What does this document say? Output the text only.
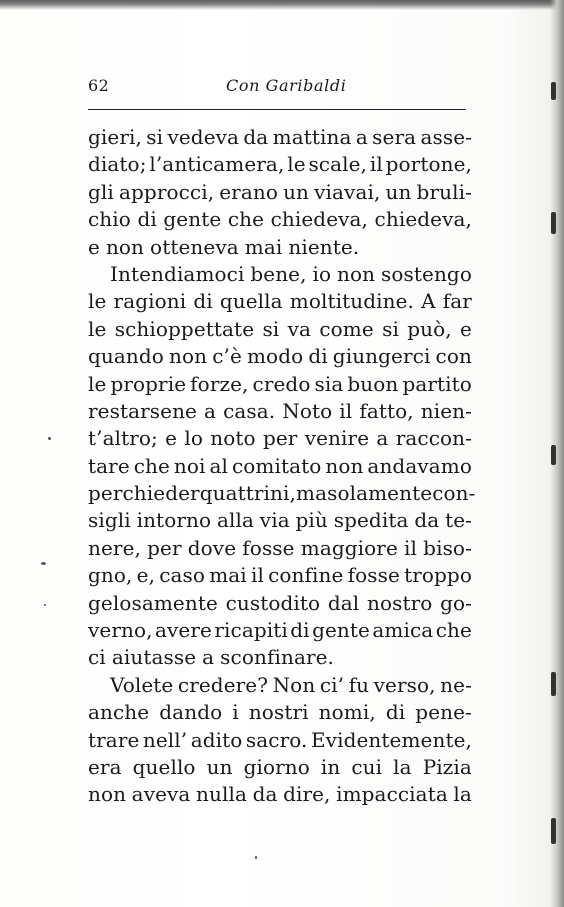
62	Con Garibaldi
gieri, si vedeva da mattina a sera asse-
diato; l’anticamera, le scale, il portone,
gli approcci, erano un viavai, un bruli-
chio di gente che chiedeva, chiedeva,
e non otteneva mai niente.
Intendiamoci bene, io non sostengo
le ragioni di quella moltitudine. A far
le schioppettate si va come si può, e
quando non c’è modo di giungerci con
le proprie forze, credo sia buon partito
restarsene a casa. Noto il fatto, nien-
t’altro; e lo noto per venire a raccon-
tare che noi al comitato non andavamo
per chieder quattrini, ma solamente con-
sigli intorno alla via più spedita da te-
nere, per dove fosse maggiore il biso-
gno, e, caso mai il confine fosse troppo
gelosamente custodito dal nostro go-
verno, avere ricapiti di gente amica che
ci aiutasse a sconfinare.
Volete credere? Non ci’ fu verso, ne-
anche dando i nostri nomi, di pene-
trare nell’ adito sacro. Evidentemente,
era quello un giorno in cui la Pizia
non aveva nulla da dire, impacciata la
